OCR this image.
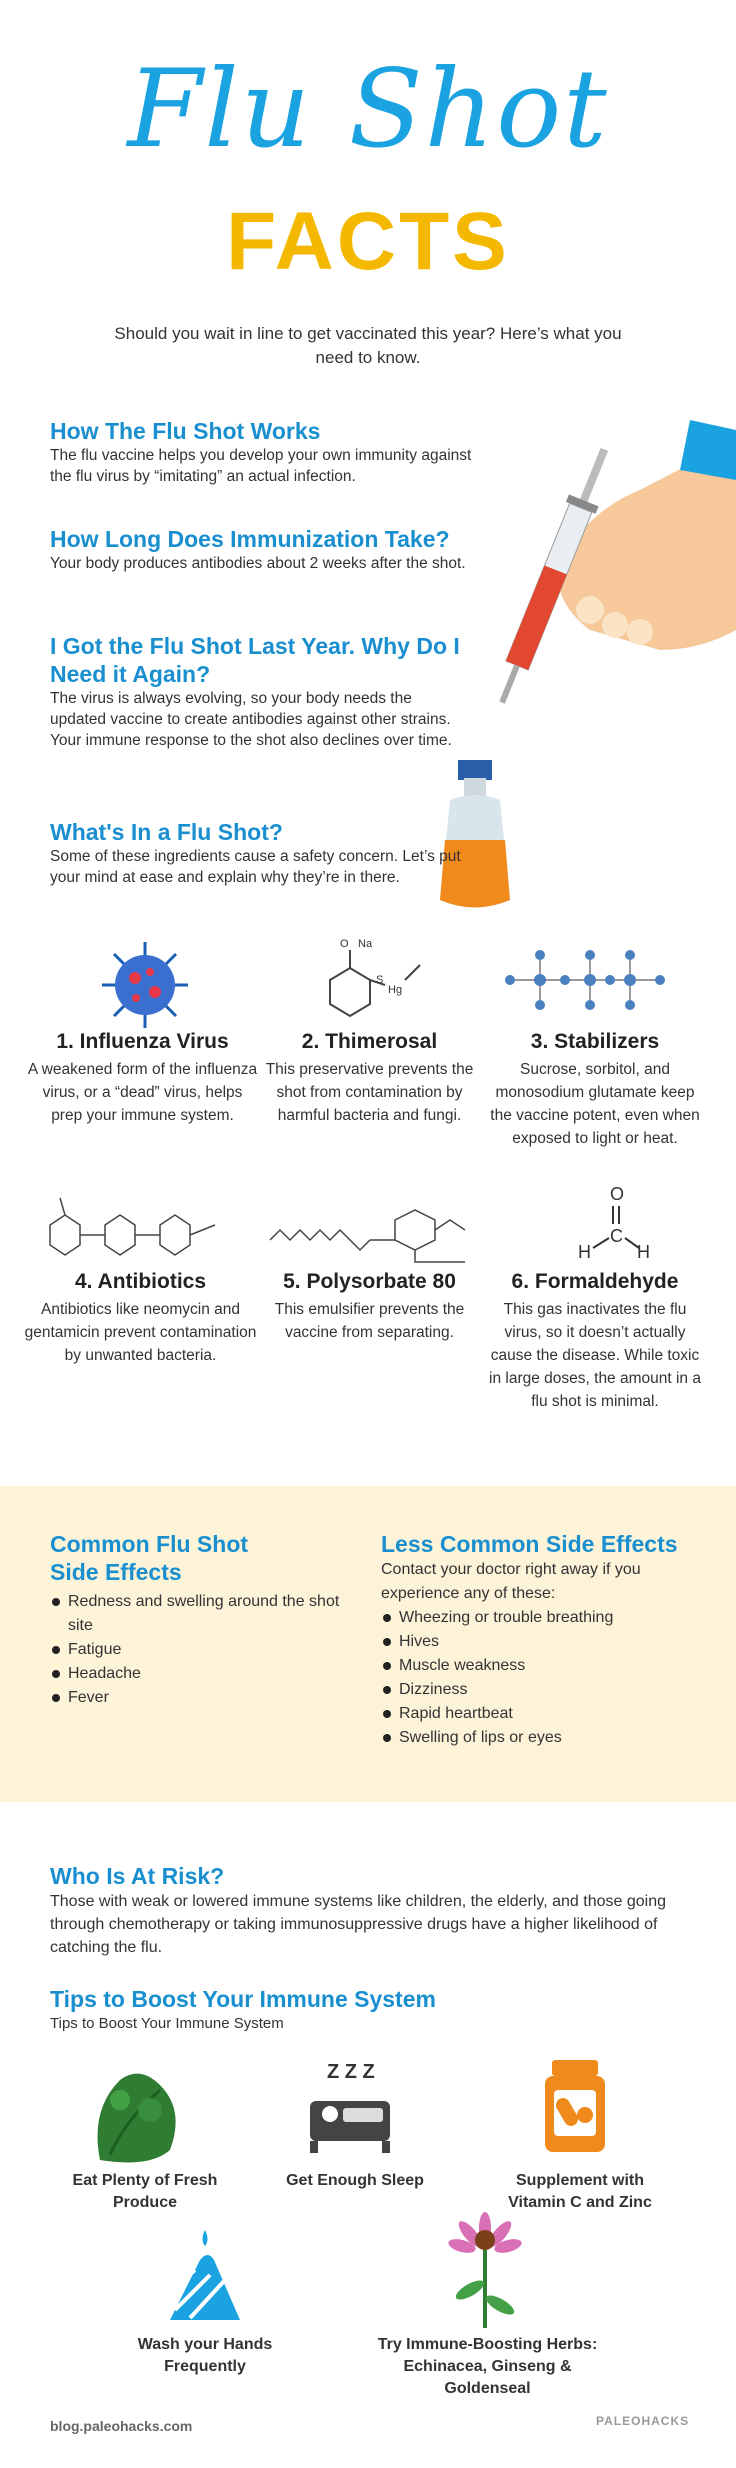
Flu Shot
FACTS
Should you wait in line to get vaccinated this year? Here’s what you need to know.
How The Flu Shot Works
The flu vaccine helps you develop your own immunity against the flu virus by “imitating” an actual infection.
How Long Does Immunization Take?
Your body produces antibodies about 2 weeks after the shot.
I Got the Flu Shot Last Year. Why Do I Need it Again?
The virus is always evolving, so your body needs the updated vaccine to create antibodies against other strains. Your immune response to the shot also declines over time.
What's In a Flu Shot?
Some of these ingredients cause a safety concern. Let’s put your mind at ease and explain why they’re in there.
O Na
S
Hg
O
C
H	H
1. Influenza Virus
A weakened form of the influenza virus, or a “dead” virus, helps prep your immune system.
2. Thimerosal
This preservative prevents the shot from contamination by harmful bacteria and fungi.
3. Stabilizers
Sucrose, sorbitol, and monosodium glutamate keep the vaccine potent, even when exposed to light or heat.
4. Antibiotics
Antibiotics like neomycin and gentamicin prevent contamination by unwanted bacteria.
5. Polysorbate 80
This emulsifier prevents the vaccine from separating.
6. Formaldehyde
This gas inactivates the flu virus, so it doesn’t actually cause the disease. While toxic in large doses, the amount in a flu shot is minimal.
Common Flu Shot Side Effects
Redness and swelling around the shot site
Fatigue
Headache
Fever
Less Common Side Effects
Contact your doctor right away if you experience any of these:
Wheezing or trouble breathing
Hives
Muscle weakness
Dizziness
Rapid heartbeat
Swelling of lips or eyes
Who Is At Risk?
Those with weak or lowered immune systems like children, the elderly, and those going through chemotherapy or taking immunosuppressive drugs have a higher likelihood of catching the flu.
Tips to Boost Your Immune System
Tips to Boost Your Immune System
Z Z Z
Eat Plenty of Fresh Produce
Get Enough Sleep	Supplement with Vitamin C and Zinc
Wash your Hands Frequently
Try Immune-Boosting Herbs: Echinacea, Ginseng & Goldenseal
blog.paleohacks.com	PALEOHACKS
